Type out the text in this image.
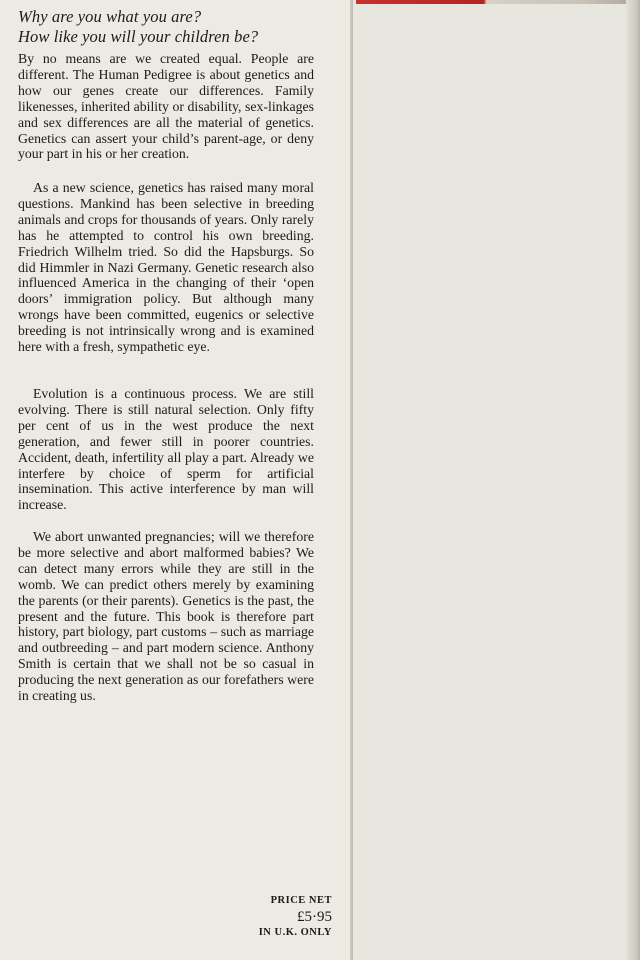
Why are you what you are?
How like you will your children be?

By no means are we created equal. People are different. The Human Pedigree is about genetics and how our genes create our differences. Family likenesses, inherited ability or disability, sex-linkages and sex differences are all the material of genetics. Genetics can assert your child’s parent-age, or deny your part in his or her creation.

As a new science, genetics has raised many moral questions. Mankind has been selective in breeding animals and crops for thousands of years. Only rarely has he attempted to control his own breeding. Friedrich Wilhelm tried. So did the Hapsburgs. So did Himmler in Nazi Germany. Genetic research also influenced America in the changing of their ‘open doors’ immigration policy. But although many wrongs have been committed, eugenics or selective breeding is not intrinsically wrong and is examined here with a fresh, sympathetic eye.

Evolution is a continuous process. We are still evolving. There is still natural selection. Only fifty per cent of us in the west produce the next generation, and fewer still in poorer countries. Accident, death, infertility all play a part. Already we interfere by choice of sperm for artificial insemination. This active interference by man will increase.

We abort unwanted pregnancies; will we therefore be more selective and abort malformed babies? We can detect many errors while they are still in the womb. We can predict others merely by examining the parents (or their parents). Genetics is the past, the present and the future. This book is therefore part history, part biology, part customs – such as marriage and outbreeding – and part modern science. Anthony Smith is certain that we shall not be so casual in producing the next generation as our forefathers were in creating us.

PRICE NET
£5·95
IN U.K. ONLY
